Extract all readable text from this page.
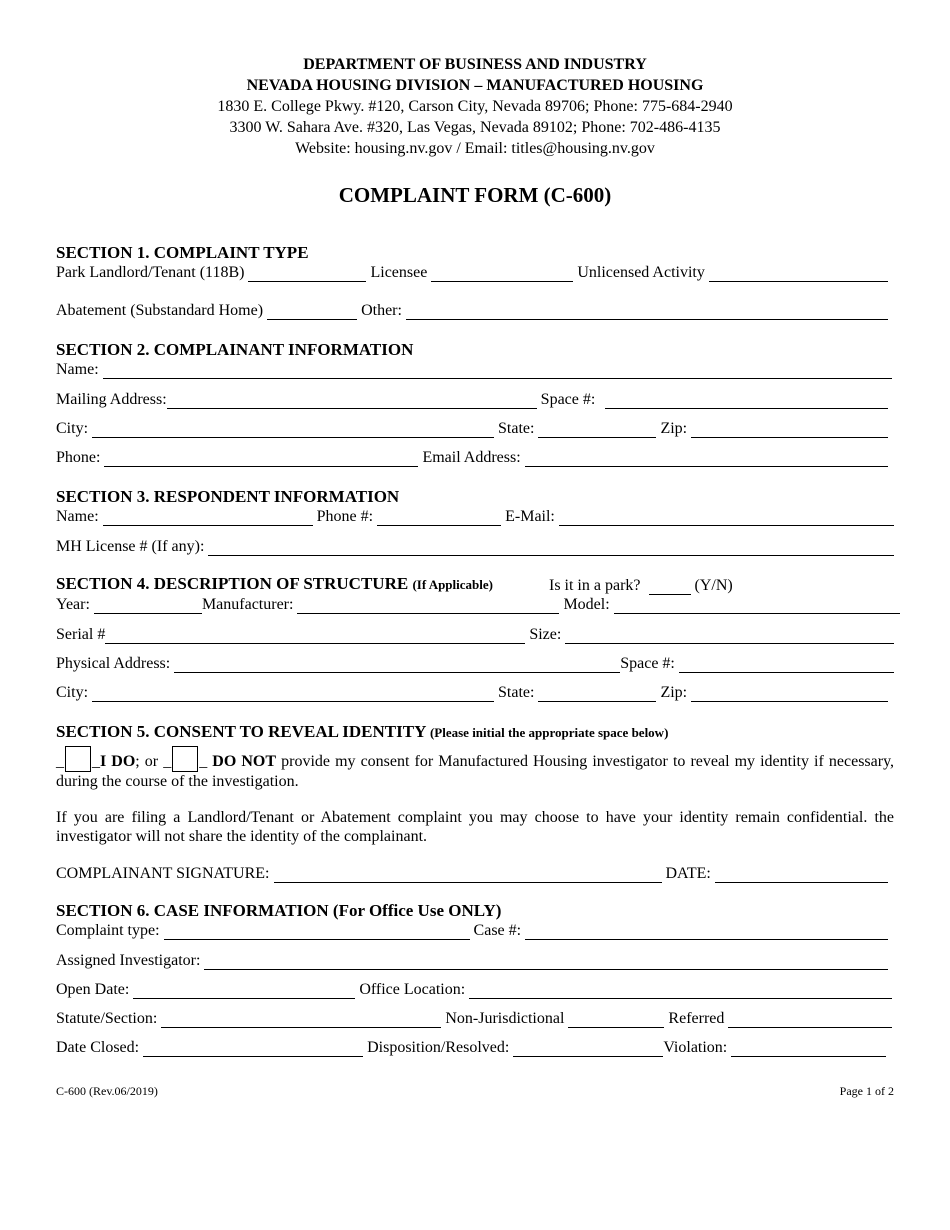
DEPARTMENT OF BUSINESS AND INDUSTRY
NEVADA HOUSING DIVISION – MANUFACTURED HOUSING
1830 E. College Pkwy. #120, Carson City, Nevada 89706; Phone: 775-684-2940
3300 W. Sahara Ave. #320, Las Vegas, Nevada 89102; Phone: 702-486-4135
Website: housing.nv.gov / Email: titles@housing.nv.gov
COMPLAINT FORM (C-600)
SECTION 1. COMPLAINT TYPE
Park Landlord/Tenant (118B)	Licensee	Unlicensed Activity
Abatement (Substandard Home)	Other:
SECTION 2. COMPLAINANT INFORMATION
Name:
Mailing Address:	Space #:
City:	State:	Zip:
Phone:	Email Address:
SECTION 3. RESPONDENT INFORMATION
Name:	Phone #:	E-Mail:
MH License # (If any):
SECTION 4. DESCRIPTION OF STRUCTURE (If Applicable)	Is it in a park?	(Y/N)
Year:	Manufacturer:	Model:
Serial #	Size:
Physical Address:	Space #:
City:	State:	Zip:
SECTION 5. CONSENT TO REVEAL IDENTITY (Please initial the appropriate space below)
_ _I DO; or _ _ DO NOT provide my consent for Manufactured Housing investigator to reveal my identity if necessary, during the course of the investigation.
If you are filing a Landlord/Tenant or Abatement complaint you may choose to have your identity remain confidential. the investigator will not share the identity of the complainant.
COMPLAINANT SIGNATURE:	DATE:
SECTION 6. CASE INFORMATION (For Office Use ONLY)
Complaint type:	Case #:
Assigned Investigator:
Open Date:	Office Location:
Statute/Section:	Non-Jurisdictional	Referred
Date Closed:	Disposition/Resolved:	Violation:
C-600 (Rev.06/2019)	Page 1 of 2
